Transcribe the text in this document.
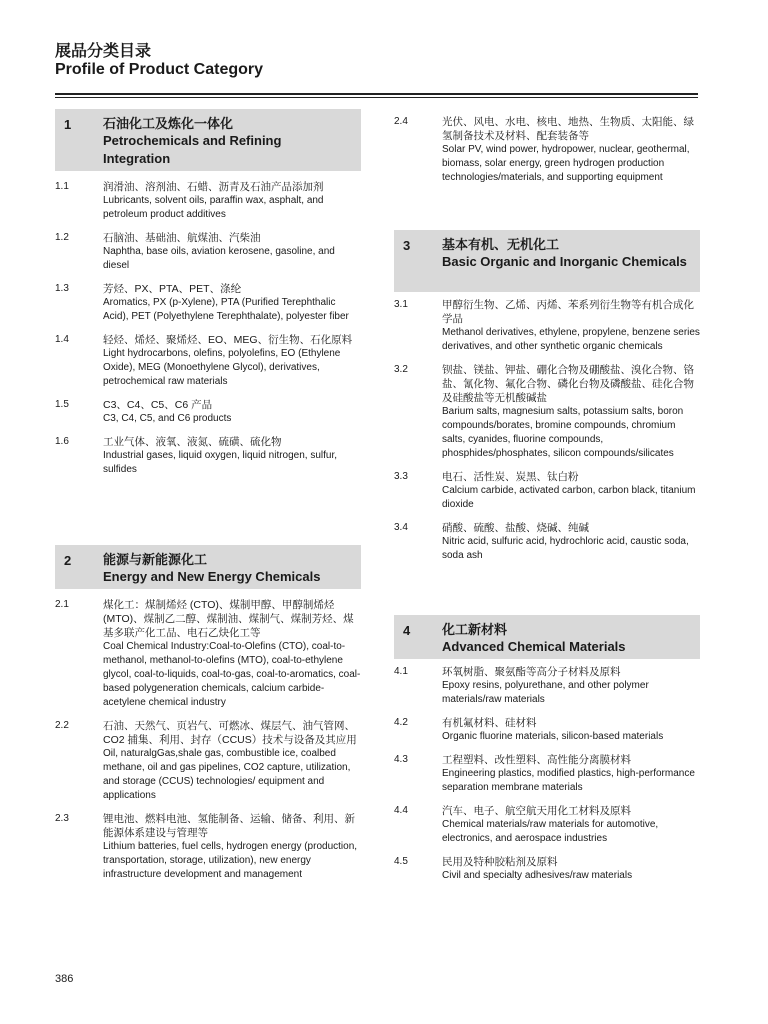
展品分类目录
Profile of Product Category
1 石油化工及炼化一体化
Petrochemicals and Refining Integration
1.1	润滑油、溶剂油、石蜡、沥青及石油产品添加剂
Lubricants, solvent oils, paraffin wax, asphalt, and petroleum product additives
1.2	石脑油、基础油、航煤油、汽柴油
Naphtha, base oils, aviation kerosene, gasoline, and diesel
1.3	芳烃、PX、PTA、PET、涤纶
Aromatics, PX (p-Xylene), PTA (Purified Terephthalic Acid), PET (Polyethylene Terephthalate), polyester fiber
1.4	轻烃、烯烃、聚烯烃、EO、MEG、衍生物、石化原料
Light hydrocarbons, olefins, polyolefins, EO (Ethylene Oxide), MEG (Monoethylene Glycol), derivatives, petrochemical raw materials
1.5	C3、C4、C5、C6 产品
C3, C4, C5, and C6 products
1.6	工业气体、液氧、液氮、硫磺、硫化物
Industrial gases, liquid oxygen, liquid nitrogen, sulfur, sulfides
2 能源与新能源化工
Energy and New Energy Chemicals
2.1	煤化工：煤制烯烃 (CTO)、煤制甲醇、甲醇制烯烃 (MTO)、煤制乙二醇、煤制油、煤制气、煤制芳烃、煤基多联产化工品、电石乙炔化工等
Coal Chemical Industry:Coal-to-Olefins (CTO), coal-to-methanol, methanol-to-olefins (MTO), coal-to-ethylene glycol, coal-to-liquids, coal-to-gas, coal-to-aromatics, coal-based polygeneration chemicals, calcium carbide-acetylene chemical industry
2.2	石油、天然气、页岩气、可燃冰、煤层气、油气管网、CO2 捕集、利用、封存（CCUS）技术与设备及其应用
Oil, naturalgGas,shale gas, combustible ice, coalbed methane, oil and gas pipelines, CO2 capture, utilization, and storage (CCUS) technologies/ equipment and applications
2.3	锂电池、燃料电池、氢能制备、运输、储备、利用、新能源体系建设与管理等
Lithium batteries, fuel cells, hydrogen energy (production, transportation, storage, utilization), new energy infrastructure development and management
2.4	光伏、风电、水电、核电、地热、生物质、太阳能、绿氢制备技术及材料、配套装备等
Solar PV, wind power, hydropower, nuclear, geothermal, biomass, solar energy, green hydrogen production technologies/materials, and supporting equipment
3 基本有机、无机化工
Basic Organic and Inorganic Chemicals
3.1	甲醇衍生物、乙烯、丙烯、苯系列衍生物等有机合成化学品
Methanol derivatives, ethylene, propylene, benzene series derivatives, and other synthetic organic chemicals
3.2	钡盐、镁盐、钾盐、硼化合物及硼酸盐、溴化合物、铬盐、氰化物、氟化合物、磷化台物及磷酸盐、硅化合物及硅酸盐等无机酸碱盐
Barium salts, magnesium salts, potassium salts, boron compounds/borates, bromine compounds, chromium salts, cyanides, fluorine compounds, phosphides/phosphates, silicon compounds/silicates
3.3	电石、活性炭、炭黑、钛白粉
Calcium carbide, activated carbon, carbon black, titanium dioxide
3.4	硝酸、硫酸、盐酸、烧碱、纯碱
Nitric acid, sulfuric acid, hydrochloric acid, caustic soda, soda ash
4 化工新材料
Advanced Chemical Materials
4.1	环氧树脂、聚氨酯等高分子材料及原料
Epoxy resins, polyurethane, and other polymer materials/raw materials
4.2	有机氟材料、硅材料
Organic fluorine materials, silicon-based materials
4.3	工程塑料、改性塑料、高性能分离膜材料
Engineering plastics, modified plastics, high-performance separation membrane materials
4.4	汽车、电子、航空航天用化工材料及原料
Chemical materials/raw materials for automotive, electronics, and aerospace industries
4.5	民用及特种胶粘剂及原料
Civil and specialty adhesives/raw materials
386
